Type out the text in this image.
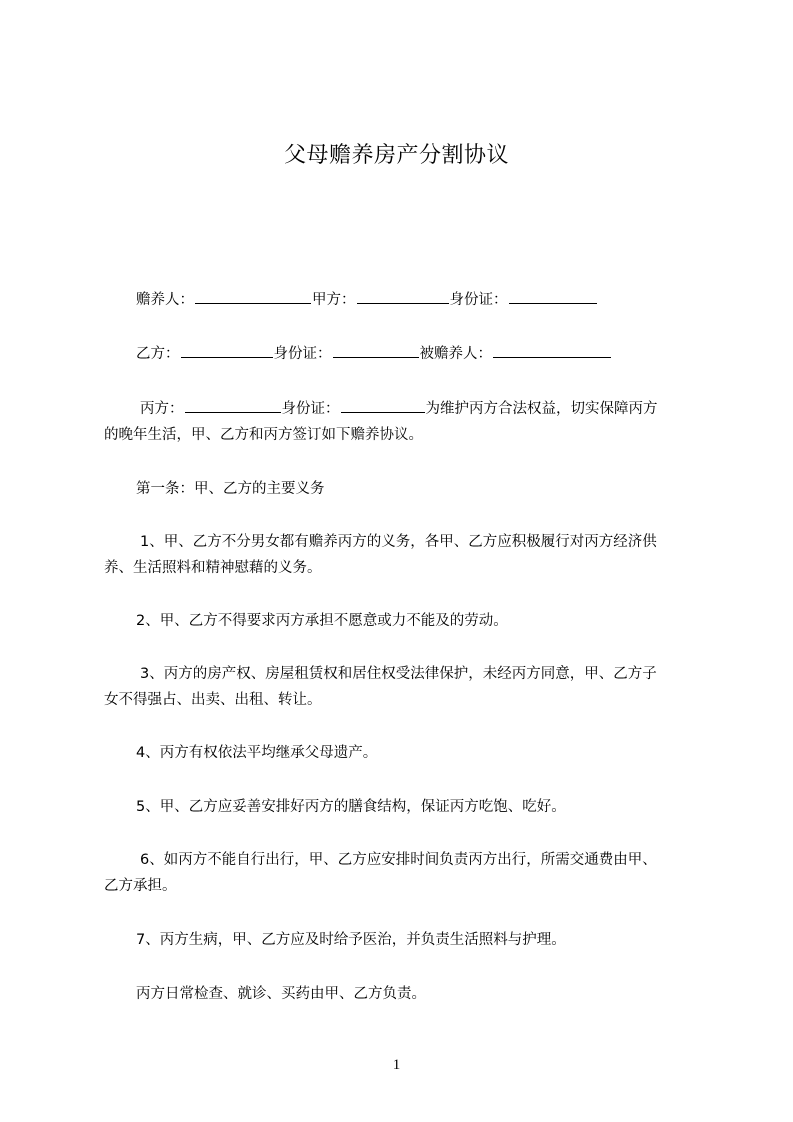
父母赡养房产分割协议
赡养人：	甲方：	身份证：
乙方：	身份证：	被赡养人：
丙方：	身份证：	为维护丙方合法权益，切实保障丙方
的晚年生活，甲、乙方和丙方签订如下赡养协议。
第一条：甲、乙方的主要义务
1、甲、乙方不分男女都有赡养丙方的义务，各甲、乙方应积极履行对丙方经济供
养、生活照料和精神慰藉的义务。
2、甲、乙方不得要求丙方承担不愿意或力不能及的劳动。
3、丙方的房产权、房屋租赁权和居住权受法律保护，未经丙方同意，甲、乙方子
女不得强占、出卖、出租、转让。
4、丙方有权依法平均继承父母遗产。
5、甲、乙方应妥善安排好丙方的膳食结构，保证丙方吃饱、吃好。
6、如丙方不能自行出行，甲、乙方应安排时间负责丙方出行，所需交通费由甲、
乙方承担。
7、丙方生病，甲、乙方应及时给予医治，并负责生活照料与护理。
丙方日常检查、就诊、买药由甲、乙方负责。
1
